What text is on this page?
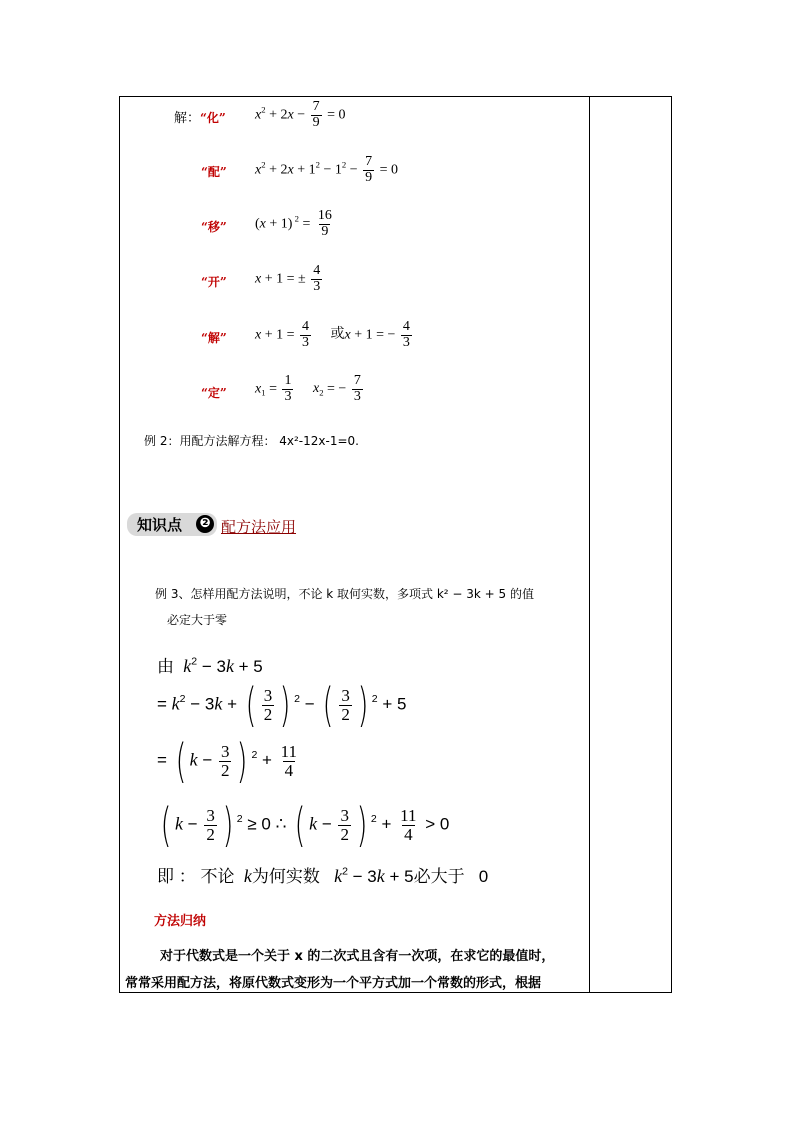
解：“化” $x^2 + 2x - \frac{7}{9} = 0$
“配” $x^2 + 2x + 1^2 - 1^2 - \frac{7}{9} = 0$
“移” (x + 1) $^2 = \frac{16}{9}$
“开” x + 1 = ± $\frac{4}{3}$
“解” $x + 1 = \frac{4}{3}$ 或x + 1 = − $\frac{4}{3}$
“定” $x_1 = \frac{1}{3} x_2$ = − $\frac{7}{3}$
例 2：用配方法解方程： 4x²-12x-1=0.
知识点 ❷ 配方法应用
例 3、怎样用配方法说明，不论 k 取何实数，多项式 k² − 3k + 5 的值
必定大于零
由  $k^2 - 3k + 5$
= $k^2 - 3k$ + ( $\frac{3}{2}$ ) $^2$ − ( $\frac{3}{2}$ ) $^2$ + 5
= ( $k - \frac{3}{2}$ ) $^2 + \frac{11}{4}$
( $k - \frac{3}{2}$ ) $^2$ ≥ 0 ∴ ( $k - \frac{3}{2}$ ) $^2 + \frac{11}{4} > 0$
即 ： 不论 k为何实数 $k^2 - 3k + 5$必大于   0
方法归纳
对于代数式是一个关于 x 的二次式且含有一次项，在求它的最值时，
常常采用配方法，将原代数式变形为一个平方式加一个常数的形式，根据
